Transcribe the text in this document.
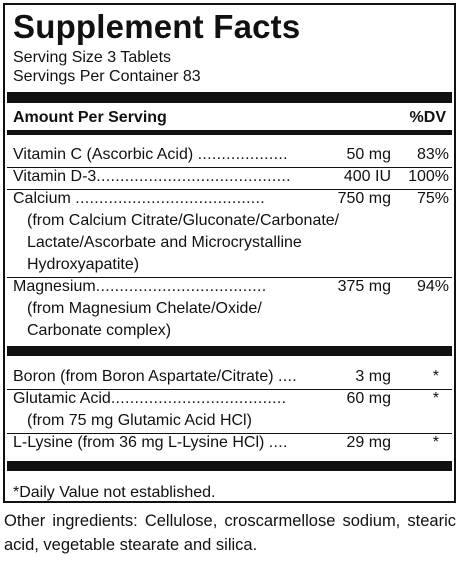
Supplement Facts
Serving Size 3 Tablets
Servings Per Container 83
Amount Per Serving	%DV
Vitamin C (Ascorbic Acid) ...................	50 mg 83%
Vitamin D-3.........................................	400 IU 100%
Calcium ........................................	750 mg 75%
(from Calcium Citrate/Gluconate/Carbonate/
Lactate/Ascorbate and Microcrystalline
Hydroxyapatite)
Magnesium....................................	375 mg 94%
(from Magnesium Chelate/Oxide/
Carbonate complex)
Boron (from Boron Aspartate/Citrate) ....	3 mg	*
Glutamic Acid.....................................	60 mg	*
(from 75 mg Glutamic Acid HCl)
L-Lysine (from 36 mg L-Lysine HCl) ....	29 mg	*
*Daily Value not established.

Other ingredients: Cellulose, croscarmellose sodium, stearic acid, vegetable stearate and silica.
